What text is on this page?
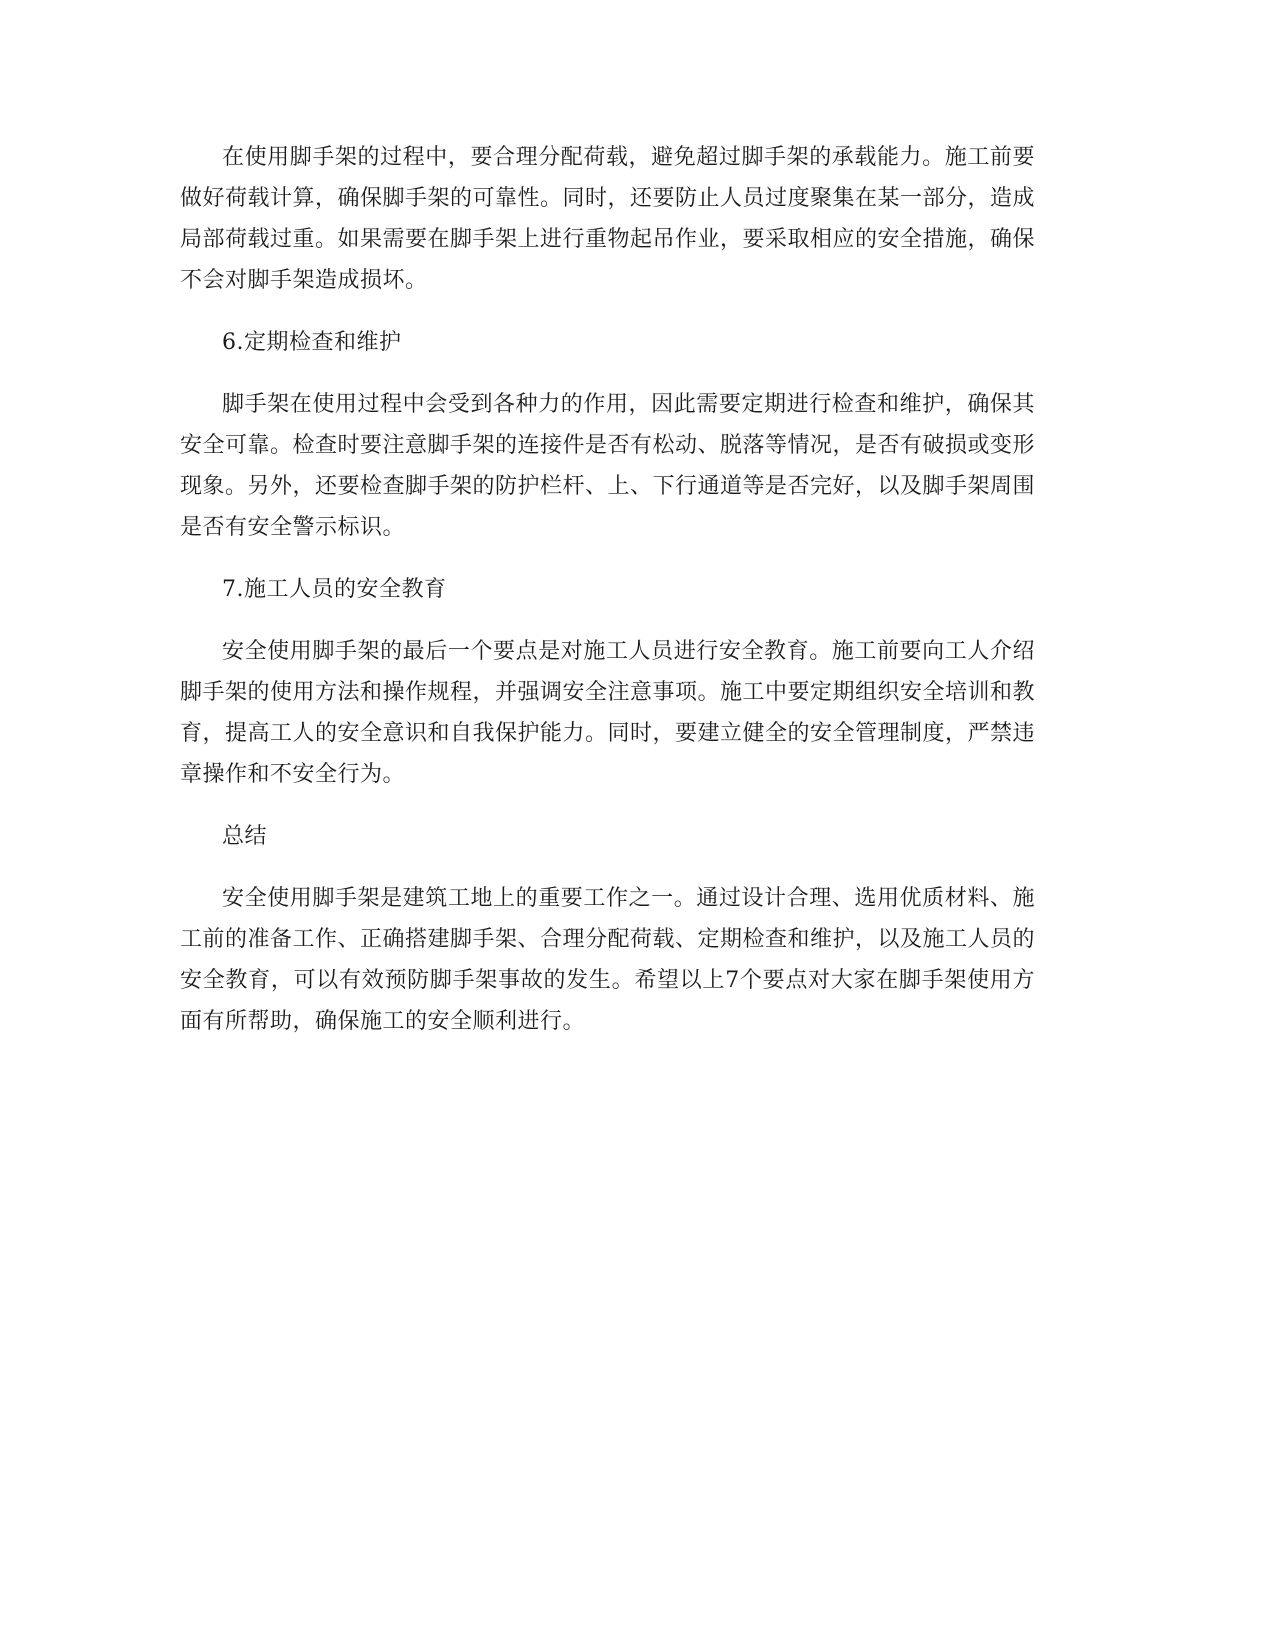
在使用脚手架的过程中，要合理分配荷载，避免超过脚手架的承载能力。施工前要做好荷载计算，确保脚手架的可靠性。同时，还要防止人员过度聚集在某一部分，造成局部荷载过重。如果需要在脚手架上进行重物起吊作业，要采取相应的安全措施，确保不会对脚手架造成损坏。

6.定期检查和维护

脚手架在使用过程中会受到各种力的作用，因此需要定期进行检查和维护，确保其安全可靠。检查时要注意脚手架的连接件是否有松动、脱落等情况，是否有破损或变形现象。另外，还要检查脚手架的防护栏杆、上、下行通道等是否完好，以及脚手架周围是否有安全警示标识。

7.施工人员的安全教育

安全使用脚手架的最后一个要点是对施工人员进行安全教育。施工前要向工人介绍脚手架的使用方法和操作规程，并强调安全注意事项。施工中要定期组织安全培训和教育，提高工人的安全意识和自我保护能力。同时，要建立健全的安全管理制度，严禁违章操作和不安全行为。

总结

安全使用脚手架是建筑工地上的重要工作之一。通过设计合理、选用优质材料、施工前的准备工作、正确搭建脚手架、合理分配荷载、定期检查和维护，以及施工人员的安全教育，可以有效预防脚手架事故的发生。希望以上7个要点对大家在脚手架使用方面有所帮助，确保施工的安全顺利进行。
